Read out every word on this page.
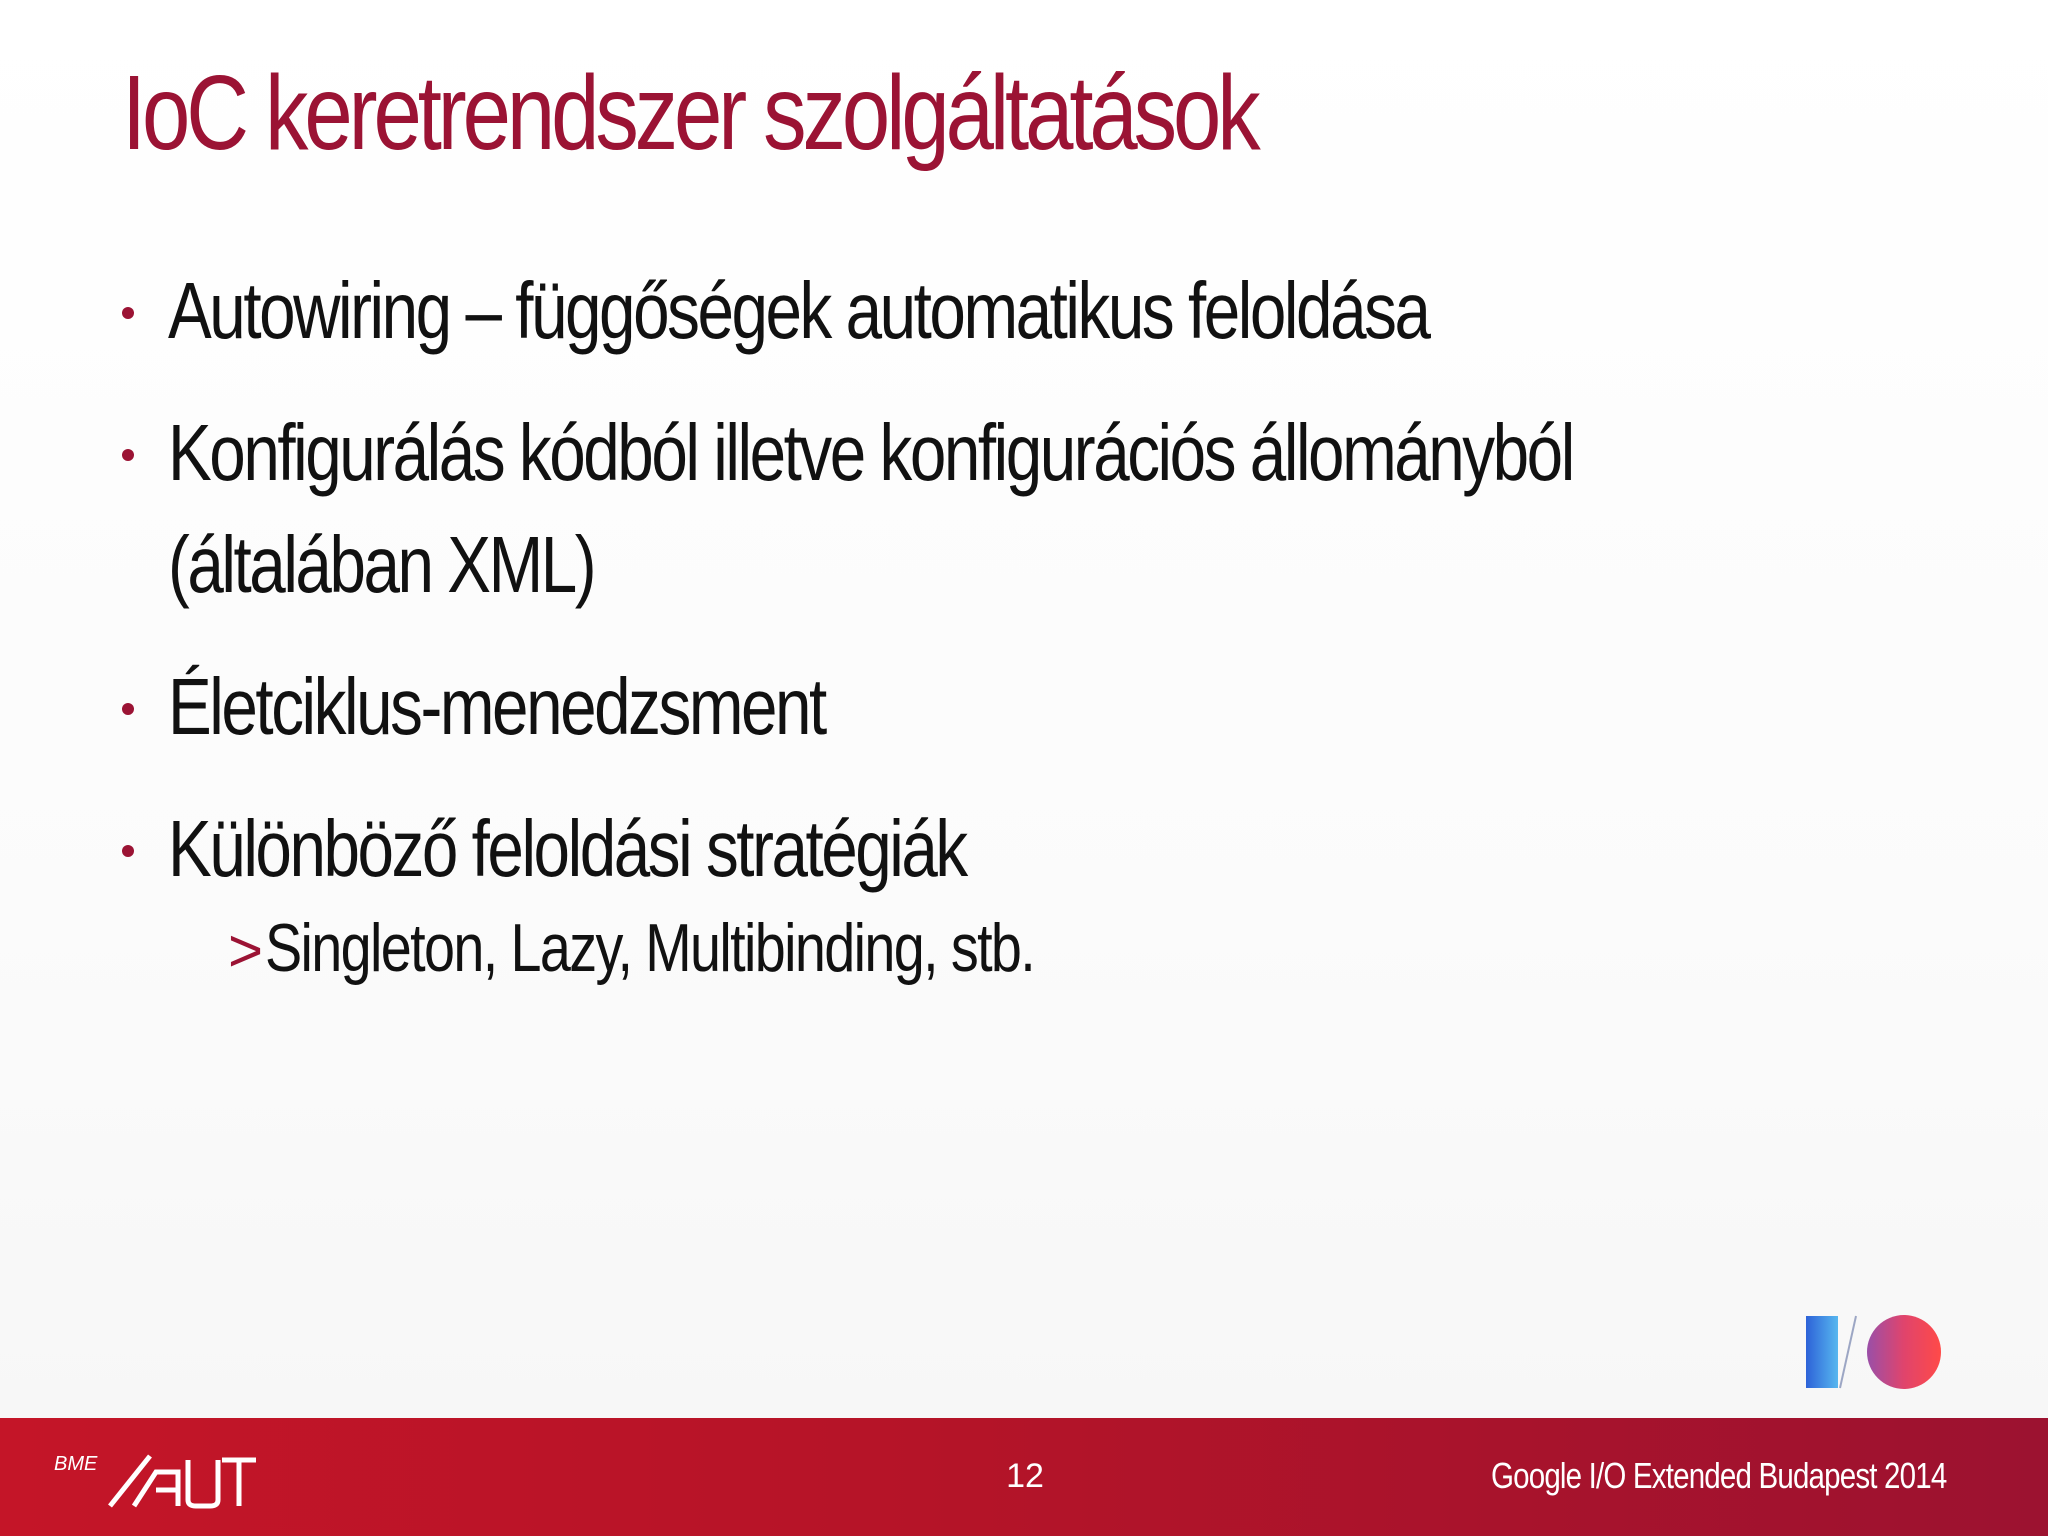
IoC keretrendszer szolgáltatások
Autowiring – függőségek automatikus feloldása
Konfigurálás kódból illetve konfigurációs állományból
(általában XML)
Életciklus-menedzsment
Különböző feloldási stratégiák
> Singleton, Lazy, Multibinding, stb.
BME	12	Google I/O Extended Budapest 2014
